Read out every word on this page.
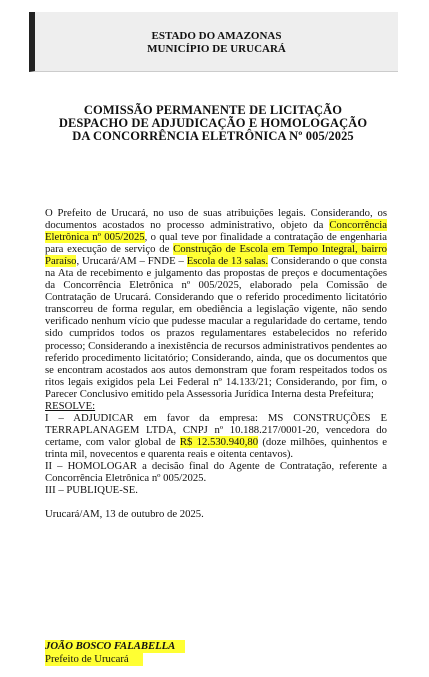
ESTADO DO AMAZONAS
MUNICÍPIO DE URUCARÁ
COMISSÃO PERMANENTE DE LICITAÇÃO
DESPACHO DE ADJUDICAÇÃO E HOMOLOGAÇÃO
DA CONCORRÊNCIA ELETRÔNICA Nº 005/2025

O Prefeito de Urucará, no uso de suas atribuições legais. Considerando, os documentos acostados no processo administrativo, objeto da Concorrência Eletrônica nº 005/2025, o qual teve por finalidade a contratação de engenharia para execução de serviço de Construção de Escola em Tempo Integral, bairro Paraíso, Urucará/AM – FNDE – Escola de 13 salas. Considerando o que consta na Ata de recebimento e julgamento das propostas de preços e documentações da Concorrência Eletrônica nº 005/2025, elaborado pela Comissão de Contratação de Urucará. Considerando que o referido procedimento licitatório transcorreu de forma regular, em obediência a legislação vigente, não sendo verificado nenhum vício que pudesse macular a regularidade do certame, tendo sido cumpridos todos os prazos regulamentares estabelecidos no referido processo; Considerando a inexistência de recursos administrativos pendentes ao referido procedimento licitatório; Considerando, ainda, que os documentos que se encontram acostados aos autos demonstram que foram respeitados todos os ritos legais exigidos pela Lei Federal nº 14.133/21; Considerando, por fim, o Parecer Conclusivo emitido pela Assessoria Jurídica Interna desta Prefeitura;

RESOLVE:

I – ADJUDICAR em favor da empresa: MS CONSTRUÇÕES E TERRAPLANAGEM LTDA, CNPJ nº 10.188.217/0001-20, vencedora do certame, com valor global de R$ 12.530.940,80 (doze milhões, quinhentos e trinta mil, novecentos e quarenta reais e oitenta centavos).

II – HOMOLOGAR a decisão final do Agente de Contratação, referente a Concorrência Eletrônica nº 005/2025.

III – PUBLIQUE-SE.

Urucará/AM, 13 de outubro de 2025.

JOÃO BOSCO FALABELLA
Prefeito de Urucará
